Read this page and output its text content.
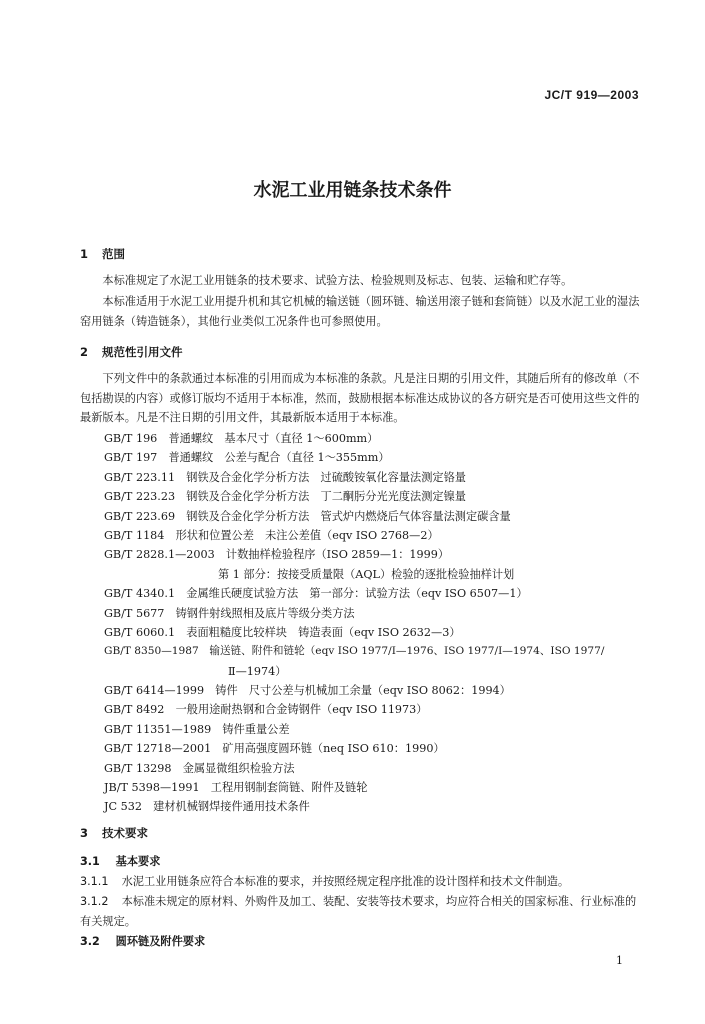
JC/T 919—2003
水泥工业用链条技术条件
1 范围
本标准规定了水泥工业用链条的技术要求、试验方法、检验规则及标志、包装、运输和贮存等。
本标准适用于水泥工业用提升机和其它机械的输送链（圆环链、输送用滚子链和套筒链）以及水泥工业的湿法窑用链条（铸造链条），其他行业类似工况条件也可参照使用。
2 规范性引用文件
下列文件中的条款通过本标准的引用而成为本标准的条款。凡是注日期的引用文件，其随后所有的修改单（不包括勘误的内容）或修订版均不适用于本标准，然而，鼓励根据本标准达成协议的各方研究是否可使用这些文件的最新版本。凡是不注日期的引用文件，其最新版本适用于本标准。
GB/T 196　普通螺纹　基本尺寸（直径 1～600mm）
GB/T 197　普通螺纹　公差与配合（直径 1～355mm）
GB/T 223.11　钢铁及合金化学分析方法　过硫酸铵氧化容量法测定铬量
GB/T 223.23　钢铁及合金化学分析方法　丁二酮肟分光光度法测定镍量
GB/T 223.69　钢铁及合金化学分析方法　管式炉内燃烧后气体容量法测定碳含量
GB/T 1184　形状和位置公差　未注公差值（eqv ISO 2768—2）
GB/T 2828.1—2003　计数抽样检验程序（ISO 2859—1：1999）
第 1 部分：按接受质量限（AQL）检验的逐批检验抽样计划
GB/T 4340.1　金属维氏硬度试验方法　第一部分：试验方法（eqv ISO 6507—1）
GB/T 5677　铸钢件射线照相及底片等级分类方法
GB/T 6060.1　表面粗糙度比较样块　铸造表面（eqv ISO 2632—3）
GB/T 8350—1987　输送链、附件和链轮（eqv ISO 1977/Ⅰ—1976、ISO 1977/Ⅰ—1974、ISO 1977/
Ⅱ—1974）
GB/T 6414—1999　铸件　尺寸公差与机械加工余量（eqv ISO 8062：1994）
GB/T 8492　一般用途耐热钢和合金铸钢件（eqv ISO 11973）
GB/T 11351—1989　铸件重量公差
GB/T 12718—2001　矿用高强度圆环链（neq ISO 610：1990）
GB/T 13298　金属显微组织检验方法
JB/T 5398—1991　工程用钢制套筒链、附件及链轮
JC 532　建材机械钢焊接件通用技术条件
3 技术要求
3.1 基本要求
3.1.1 水泥工业用链条应符合本标准的要求，并按照经规定程序批准的设计图样和技术文件制造。
3.1.2 本标准未规定的原材料、外购件及加工、装配、安装等技术要求，均应符合相关的国家标准、行业标准的有关规定。
3.2 圆环链及附件要求
1
